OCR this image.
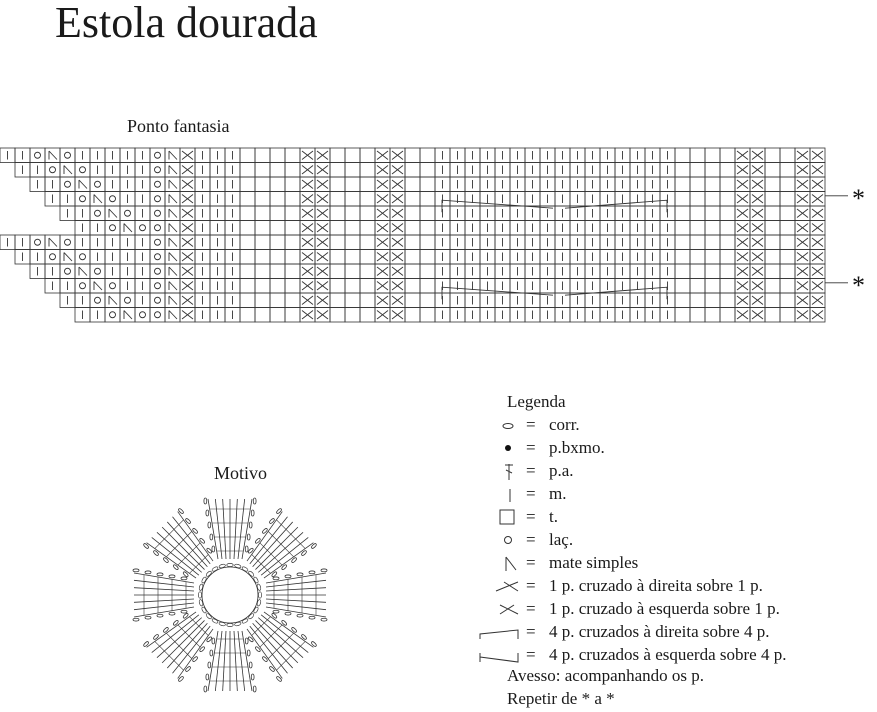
Estola dourada
Ponto fantasia
*
*
Motivo
Legenda
= corr.
= p.bxmo.
= p.a.
= m.
= t.
= laç.
= mate simples
= 1 p. cruzado à direita sobre 1 p.
= 1 p. cruzado à esquerda sobre 1 p.
= 4 p. cruzados à direita sobre 4 p.
= 4 p. cruzados à esquerda sobre 4 p.
Avesso: acompanhando os p.
Repetir de * a *
